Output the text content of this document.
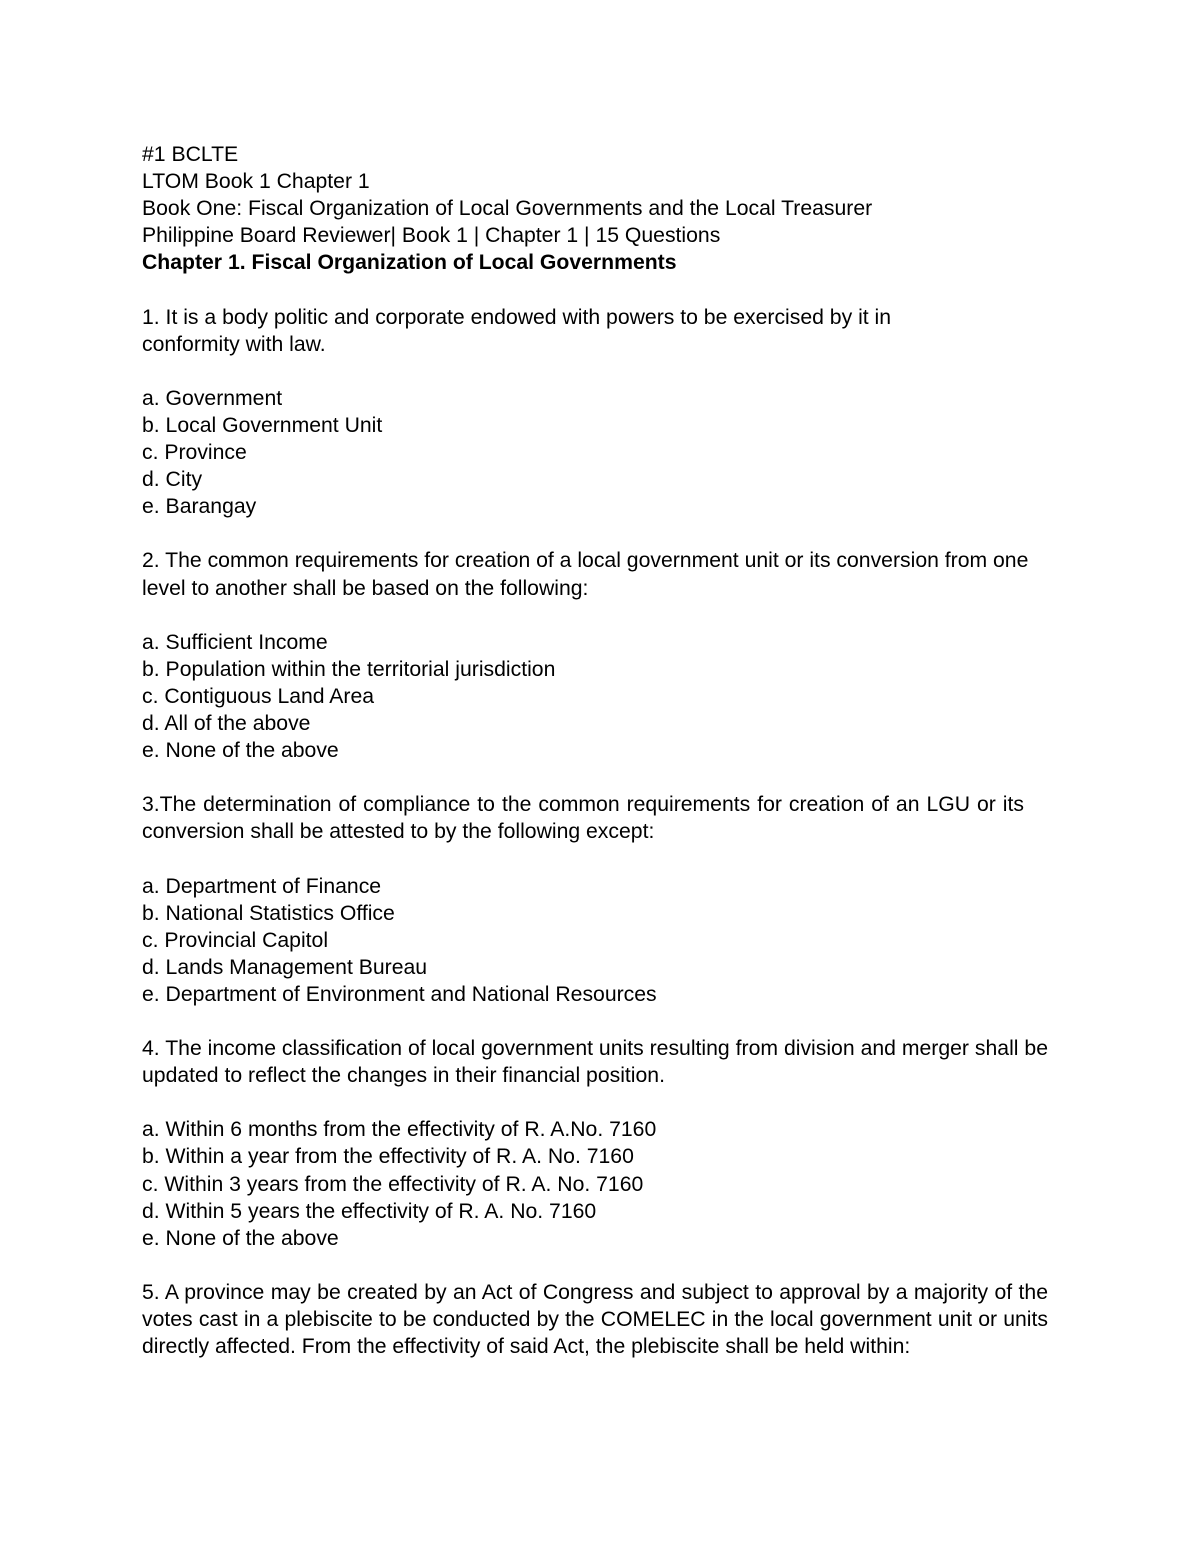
#1 BCLTE
LTOM Book 1 Chapter 1
Book One: Fiscal Organization of Local Governments and the Local Treasurer
Philippine Board Reviewer| Book 1 | Chapter 1 | 15 Questions
Chapter 1. Fiscal Organization of Local Governments
1. It is a body politic and corporate endowed with powers to be exercised by it in conformity with law.
a. Government
b. Local Government Unit
c. Province
d. City
e. Barangay
2. The common requirements for creation of a local government unit or its conversion from one level to another shall be based on the following:
a. Sufficient Income
b. Population within the territorial jurisdiction
c. Contiguous Land Area
d. All of the above
e. None of the above
3.The determination of compliance to the common requirements for creation of an LGU or its conversion shall be attested to by the following except:
a. Department of Finance
b. National Statistics Office
c. Provincial Capitol
d. Lands Management Bureau
e. Department of Environment and National Resources
4. The income classification of local government units resulting from division and merger shall be updated to reflect the changes in their financial position.
a. Within 6 months from the effectivity of R. A.No. 7160
b. Within a year from the effectivity of R. A. No. 7160
c. Within 3 years from the effectivity of R. A. No. 7160
d. Within 5 years the effectivity of R. A. No. 7160
e. None of the above
5. A province may be created by an Act of Congress and subject to approval by a majority of the votes cast in a plebiscite to be conducted by the COMELEC in the local government unit or units directly affected. From the effectivity of said Act, the plebiscite shall be held within:
